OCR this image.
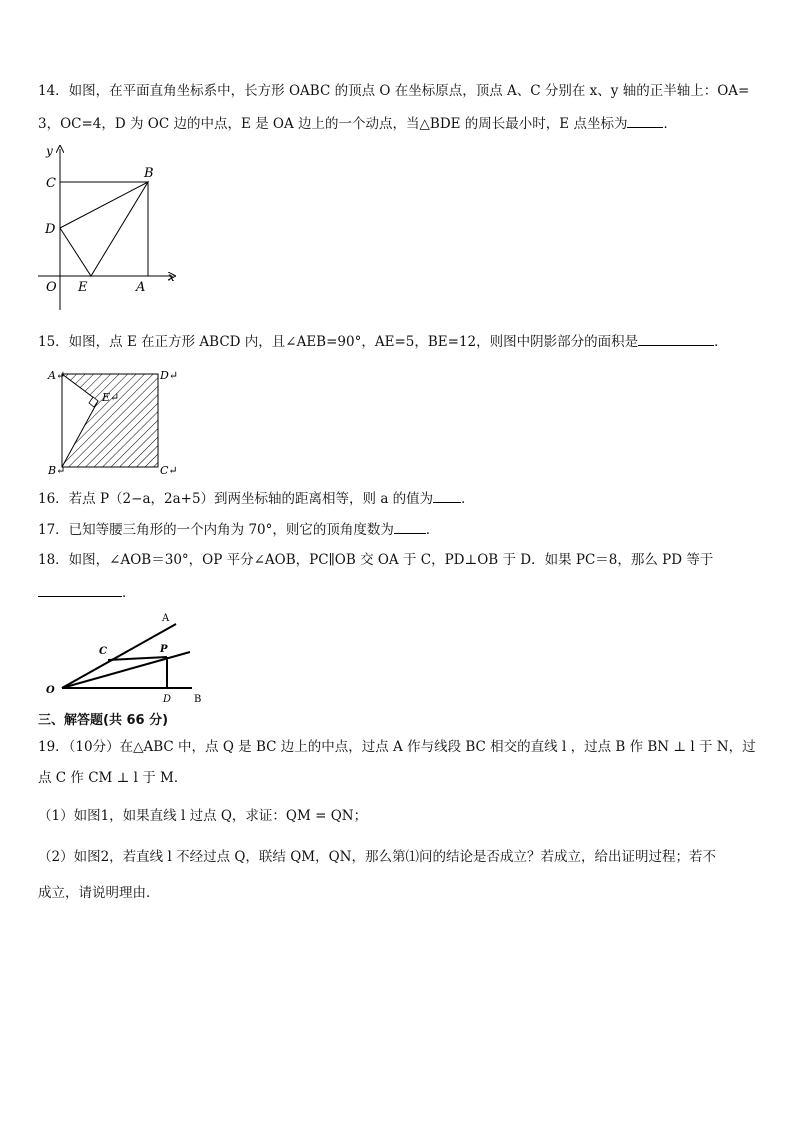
14．如图，在平面直角坐标系中，长方形 OABC 的顶点 O 在坐标原点，顶点 A、C 分别在 x、y 轴的正半轴上：OA=
3，OC=4，D 为 OC 边的中点，E 是 OA 边上的一个动点，当△BDE 的周长最小时，E 点坐标为	．
y
x
C
B
D
O E	A
15．如图，点 E 在正方形 ABCD 内，且∠AEB=90°，AE=5，BE=12，则图中阴影部分的面积是	．
A↵	D↵
E↵
B↵	C↵
16．若点 P（2−a，2a+5）到两坐标轴的距离相等，则 a 的值为 ．
17．已知等腰三角形的一个内角为 70°，则它的顶角度数为 ．
18．如图，∠AOB＝30°，OP 平分∠AOB，PC∥OB 交 OA 于 C，PD⊥OB 于 D．如果 PC＝8，那么 PD 等于
．
A
C	P
O
D B
三、解答题(共 66 分)
19．（10分）在△ABC 中，点 Q 是 BC 边上的中点，过点 A 作与线段 BC 相交的直线 l ，过点 B 作 BN ⊥ l 于 N，过
点 C 作 CM ⊥ l 于 M．
（1）如图1，如果直线 l 过点 Q，求证：QM = QN；
（2）如图2，若直线 l 不经过点 Q，联结 QM，QN，那么第⑴问的结论是否成立？若成立，给出证明过程；若不
成立，请说明理由．
